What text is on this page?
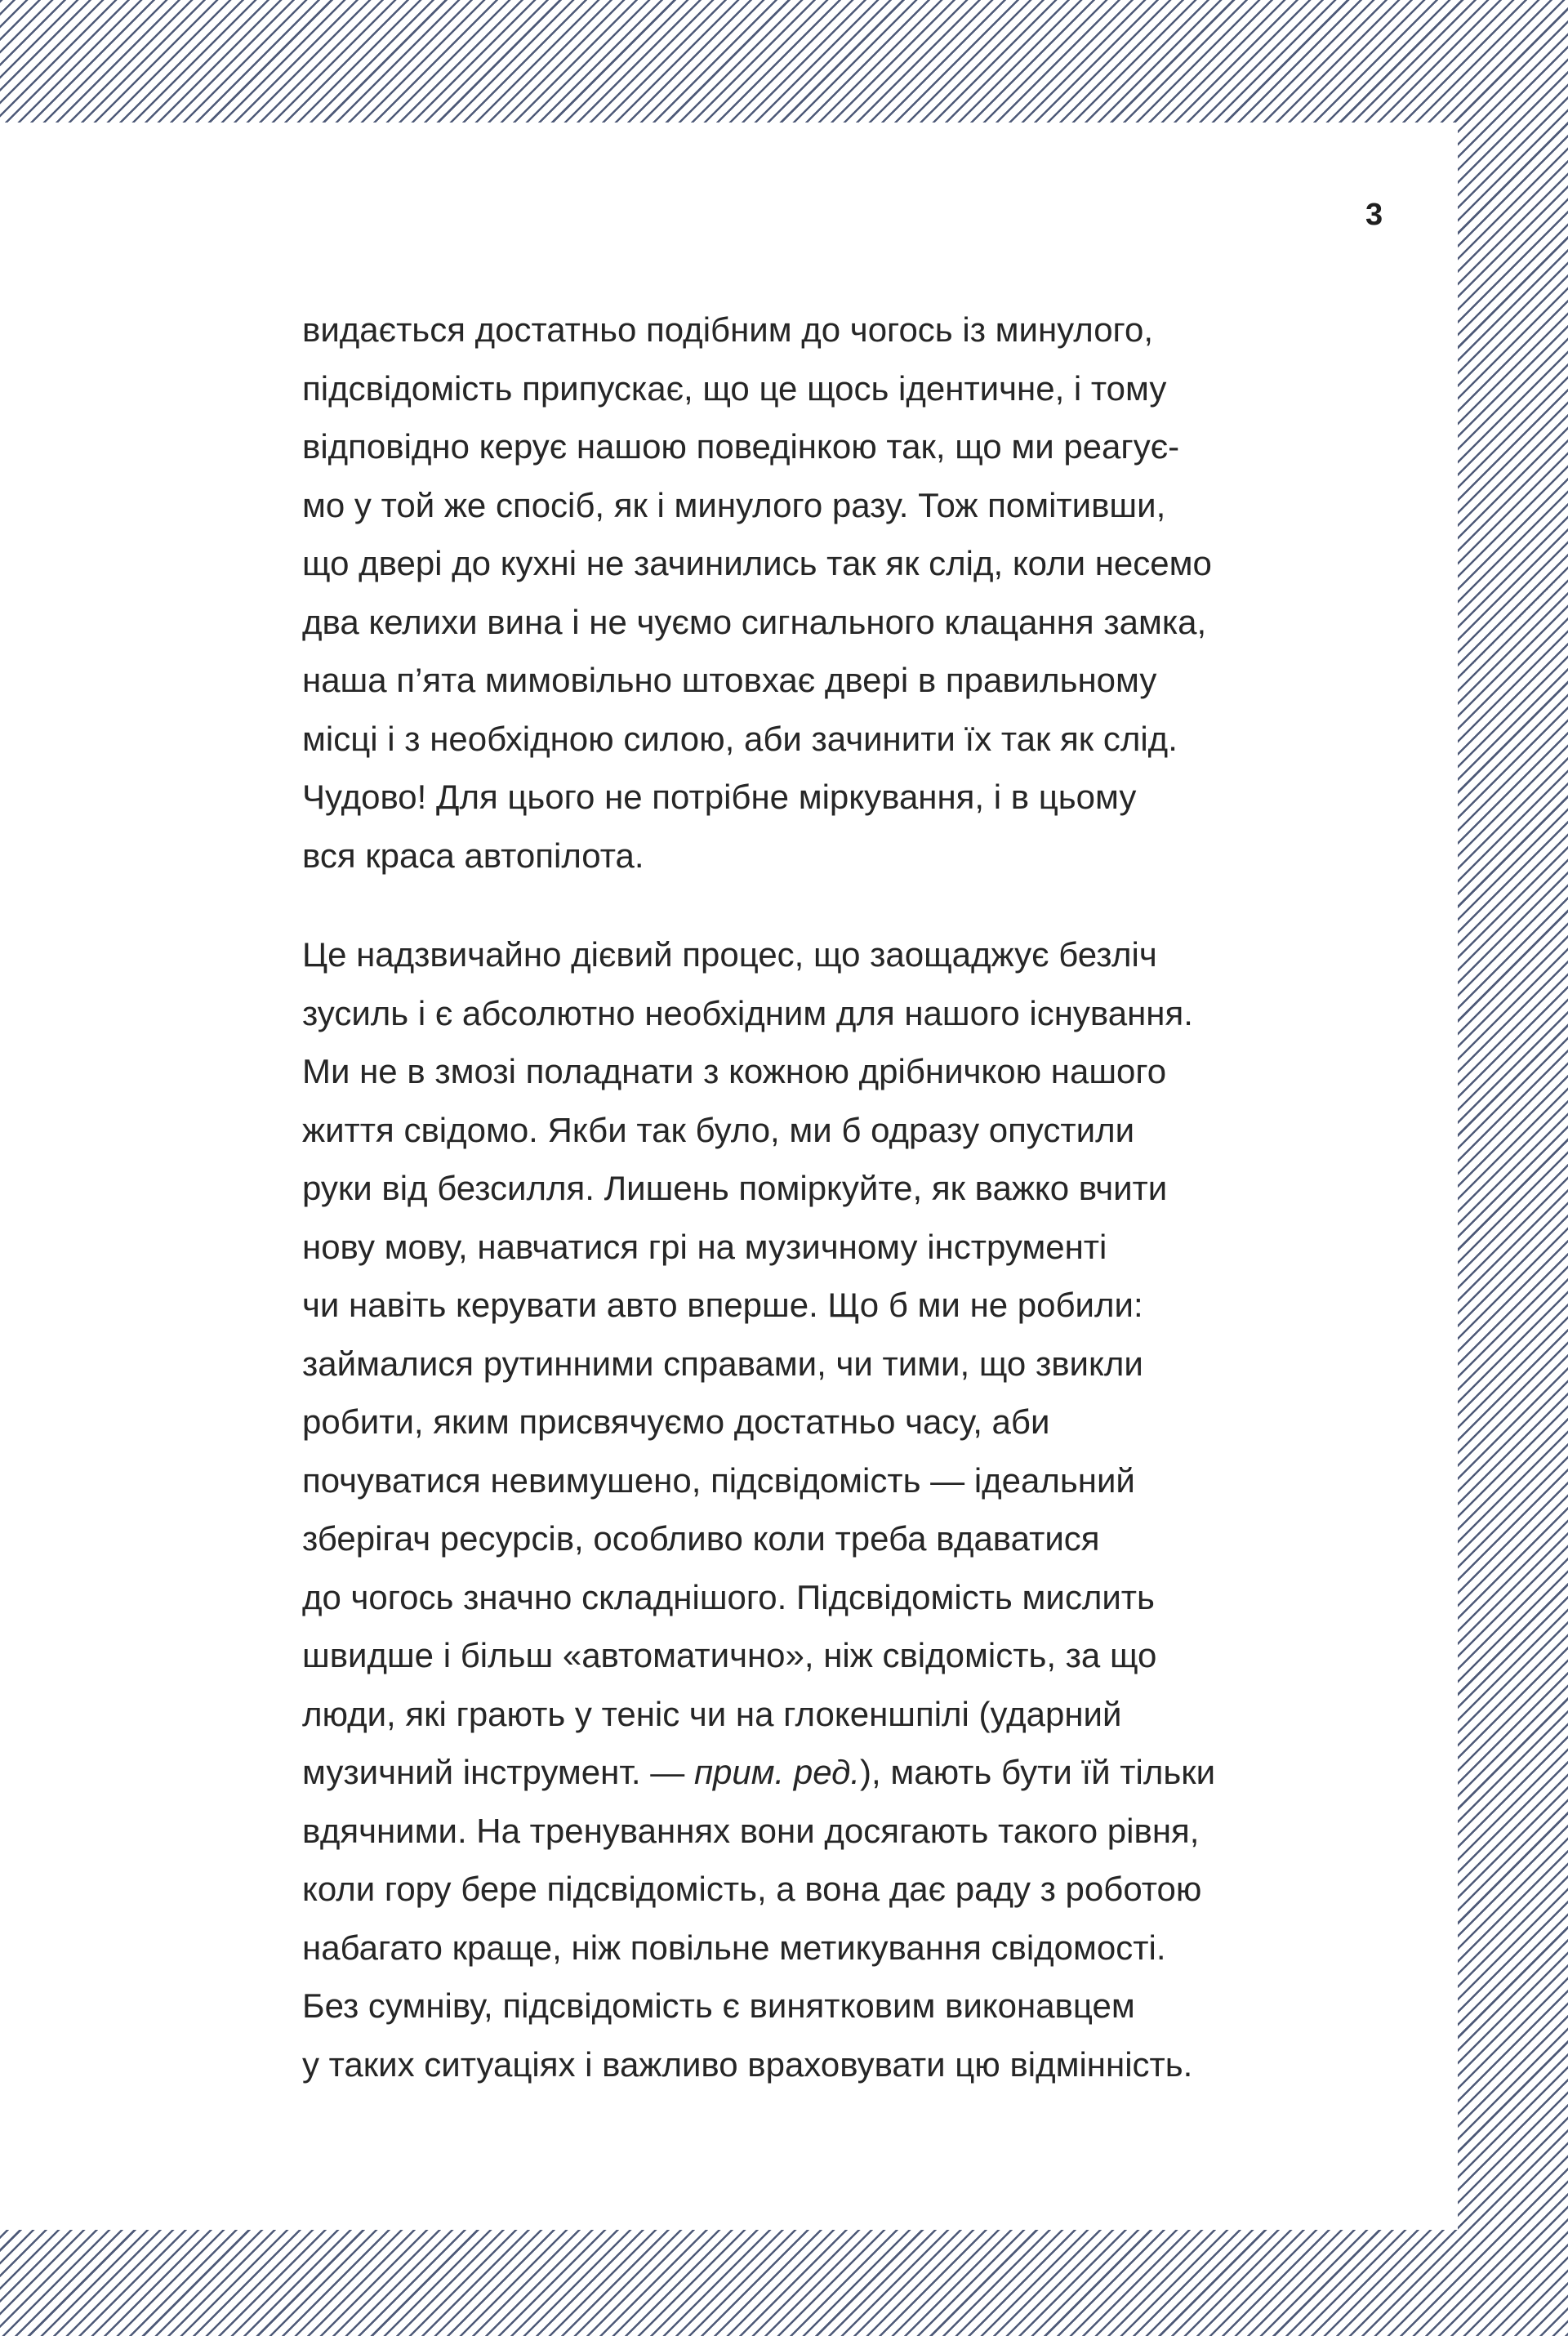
3

видається достатньо подібним до чогось із минулого,
підсвідомість припускає, що це щось ідентичне, і тому
відповідно керує нашою поведінкою так, що ми реагує-
мо у той же спосіб, як і минулого разу. Тож помітивши,
що двері до кухні не зачинились так як слід, коли несемо
два келихи вина і не чуємо сигнального клацання замка,
наша п’ята мимовільно штовхає двері в правильному
місці і з необхідною силою, аби зачинити їх так як слід.
Чудово! Для цього не потрібне міркування, і в цьому
вся краса автопілота.

Це надзвичайно дієвий процес, що заощаджує безліч
зусиль і є абсолютно необхідним для нашого існування.
Ми не в змозі поладнати з кожною дрібничкою нашого
життя свідомо. Якби так було, ми б одразу опустили
руки від безсилля. Лишень поміркуйте, як важко вчити
нову мову, навчатися грі на музичному інструменті
чи навіть керувати авто вперше. Що б ми не робили:
займалися рутинними справами, чи тими, що звикли
робити, яким присвячуємо достатньо часу, аби
почуватися невимушено, підсвідомість — ідеальний
зберігач ресурсів, особливо коли треба вдаватися
до чогось значно складнішого. Підсвідомість мислить
швидше і більш «автоматично», ніж свідомість, за що
люди, які грають у теніс чи на глокеншпілі (ударний
музичний інструмент. — прим. ред.), мають бути їй тільки
вдячними. На тренуваннях вони досягають такого рівня,
коли гору бере підсвідомість, а вона дає раду з роботою
набагато краще, ніж повільне метикування свідомості.
Без сумніву, підсвідомість є винятковим виконавцем
у таких ситуаціях і важливо враховувати цю відмінність.
